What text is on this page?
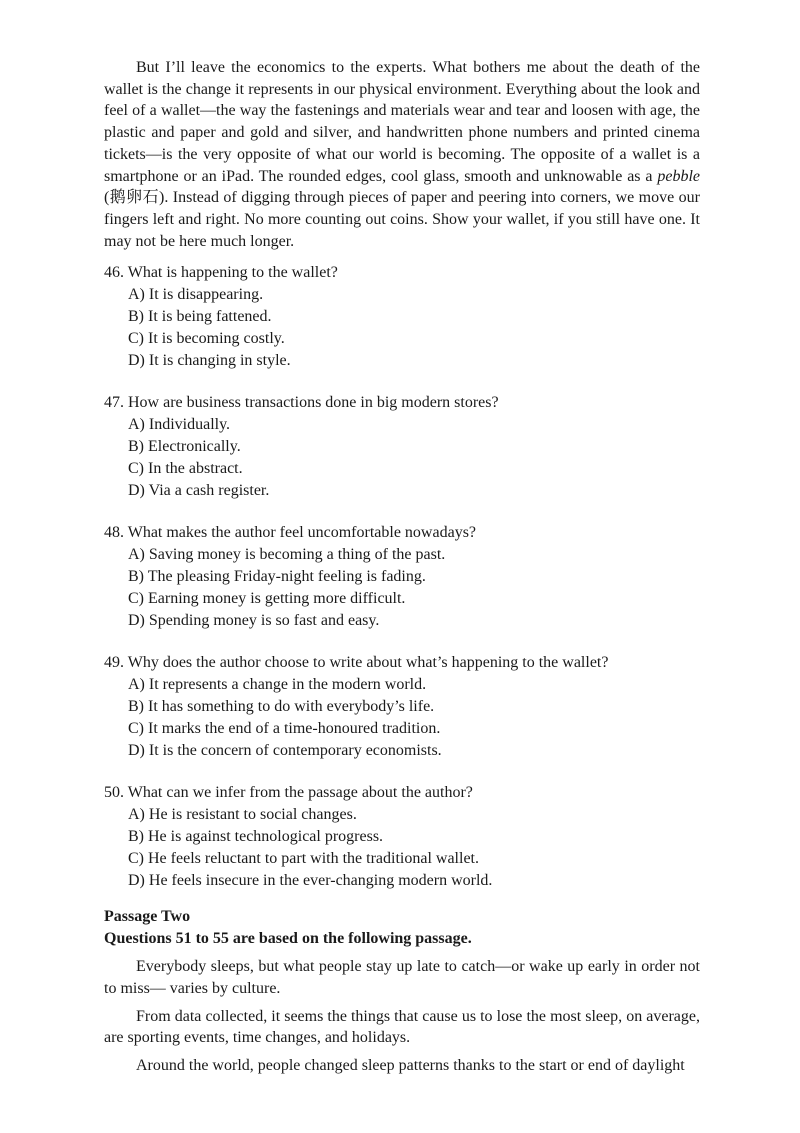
But I’ll leave the economics to the experts. What bothers me about the death of the wallet is the change it represents in our physical environment. Everything about the look and feel of a wallet—the way the fastenings and materials wear and tear and loosen with age, the plastic and paper and gold and silver, and handwritten phone numbers and printed cinema tickets—is the very opposite of what our world is becoming. The opposite of a wallet is a smartphone or an iPad. The rounded edges, cool glass, smooth and unknowable as a pebble (鹅卵石). Instead of digging through pieces of paper and peering into corners, we move our fingers left and right. No more counting out coins. Show your wallet, if you still have one. It may not be here much longer.

46. What is happening to the wallet?
A) It is disappearing.
B) It is being fattened.
C) It is becoming costly.
D) It is changing in style.
47. How are business transactions done in big modern stores?
A) Individually.
B) Electronically.
C) In the abstract.
D) Via a cash register.
48. What makes the author feel uncomfortable nowadays?
A) Saving money is becoming a thing of the past.
B) The pleasing Friday-night feeling is fading.
C) Earning money is getting more difficult.
D) Spending money is so fast and easy.
49. Why does the author choose to write about what’s happening to the wallet?
A) It represents a change in the modern world.
B) It has something to do with everybody’s life.
C) It marks the end of a time-honoured tradition.
D) It is the concern of contemporary economists.
50. What can we infer from the passage about the author?
A) He is resistant to social changes.
B) He is against technological progress.
C) He feels reluctant to part with the traditional wallet.
D) He feels insecure in the ever-changing modern world.
Passage Two
Questions 51 to 55 are based on the following passage.

Everybody sleeps, but what people stay up late to catch—or wake up early in order not to miss— varies by culture.

From data collected, it seems the things that cause us to lose the most sleep, on average, are sporting events, time changes, and holidays.

Around the world, people changed sleep patterns thanks to the start or end of daylight
